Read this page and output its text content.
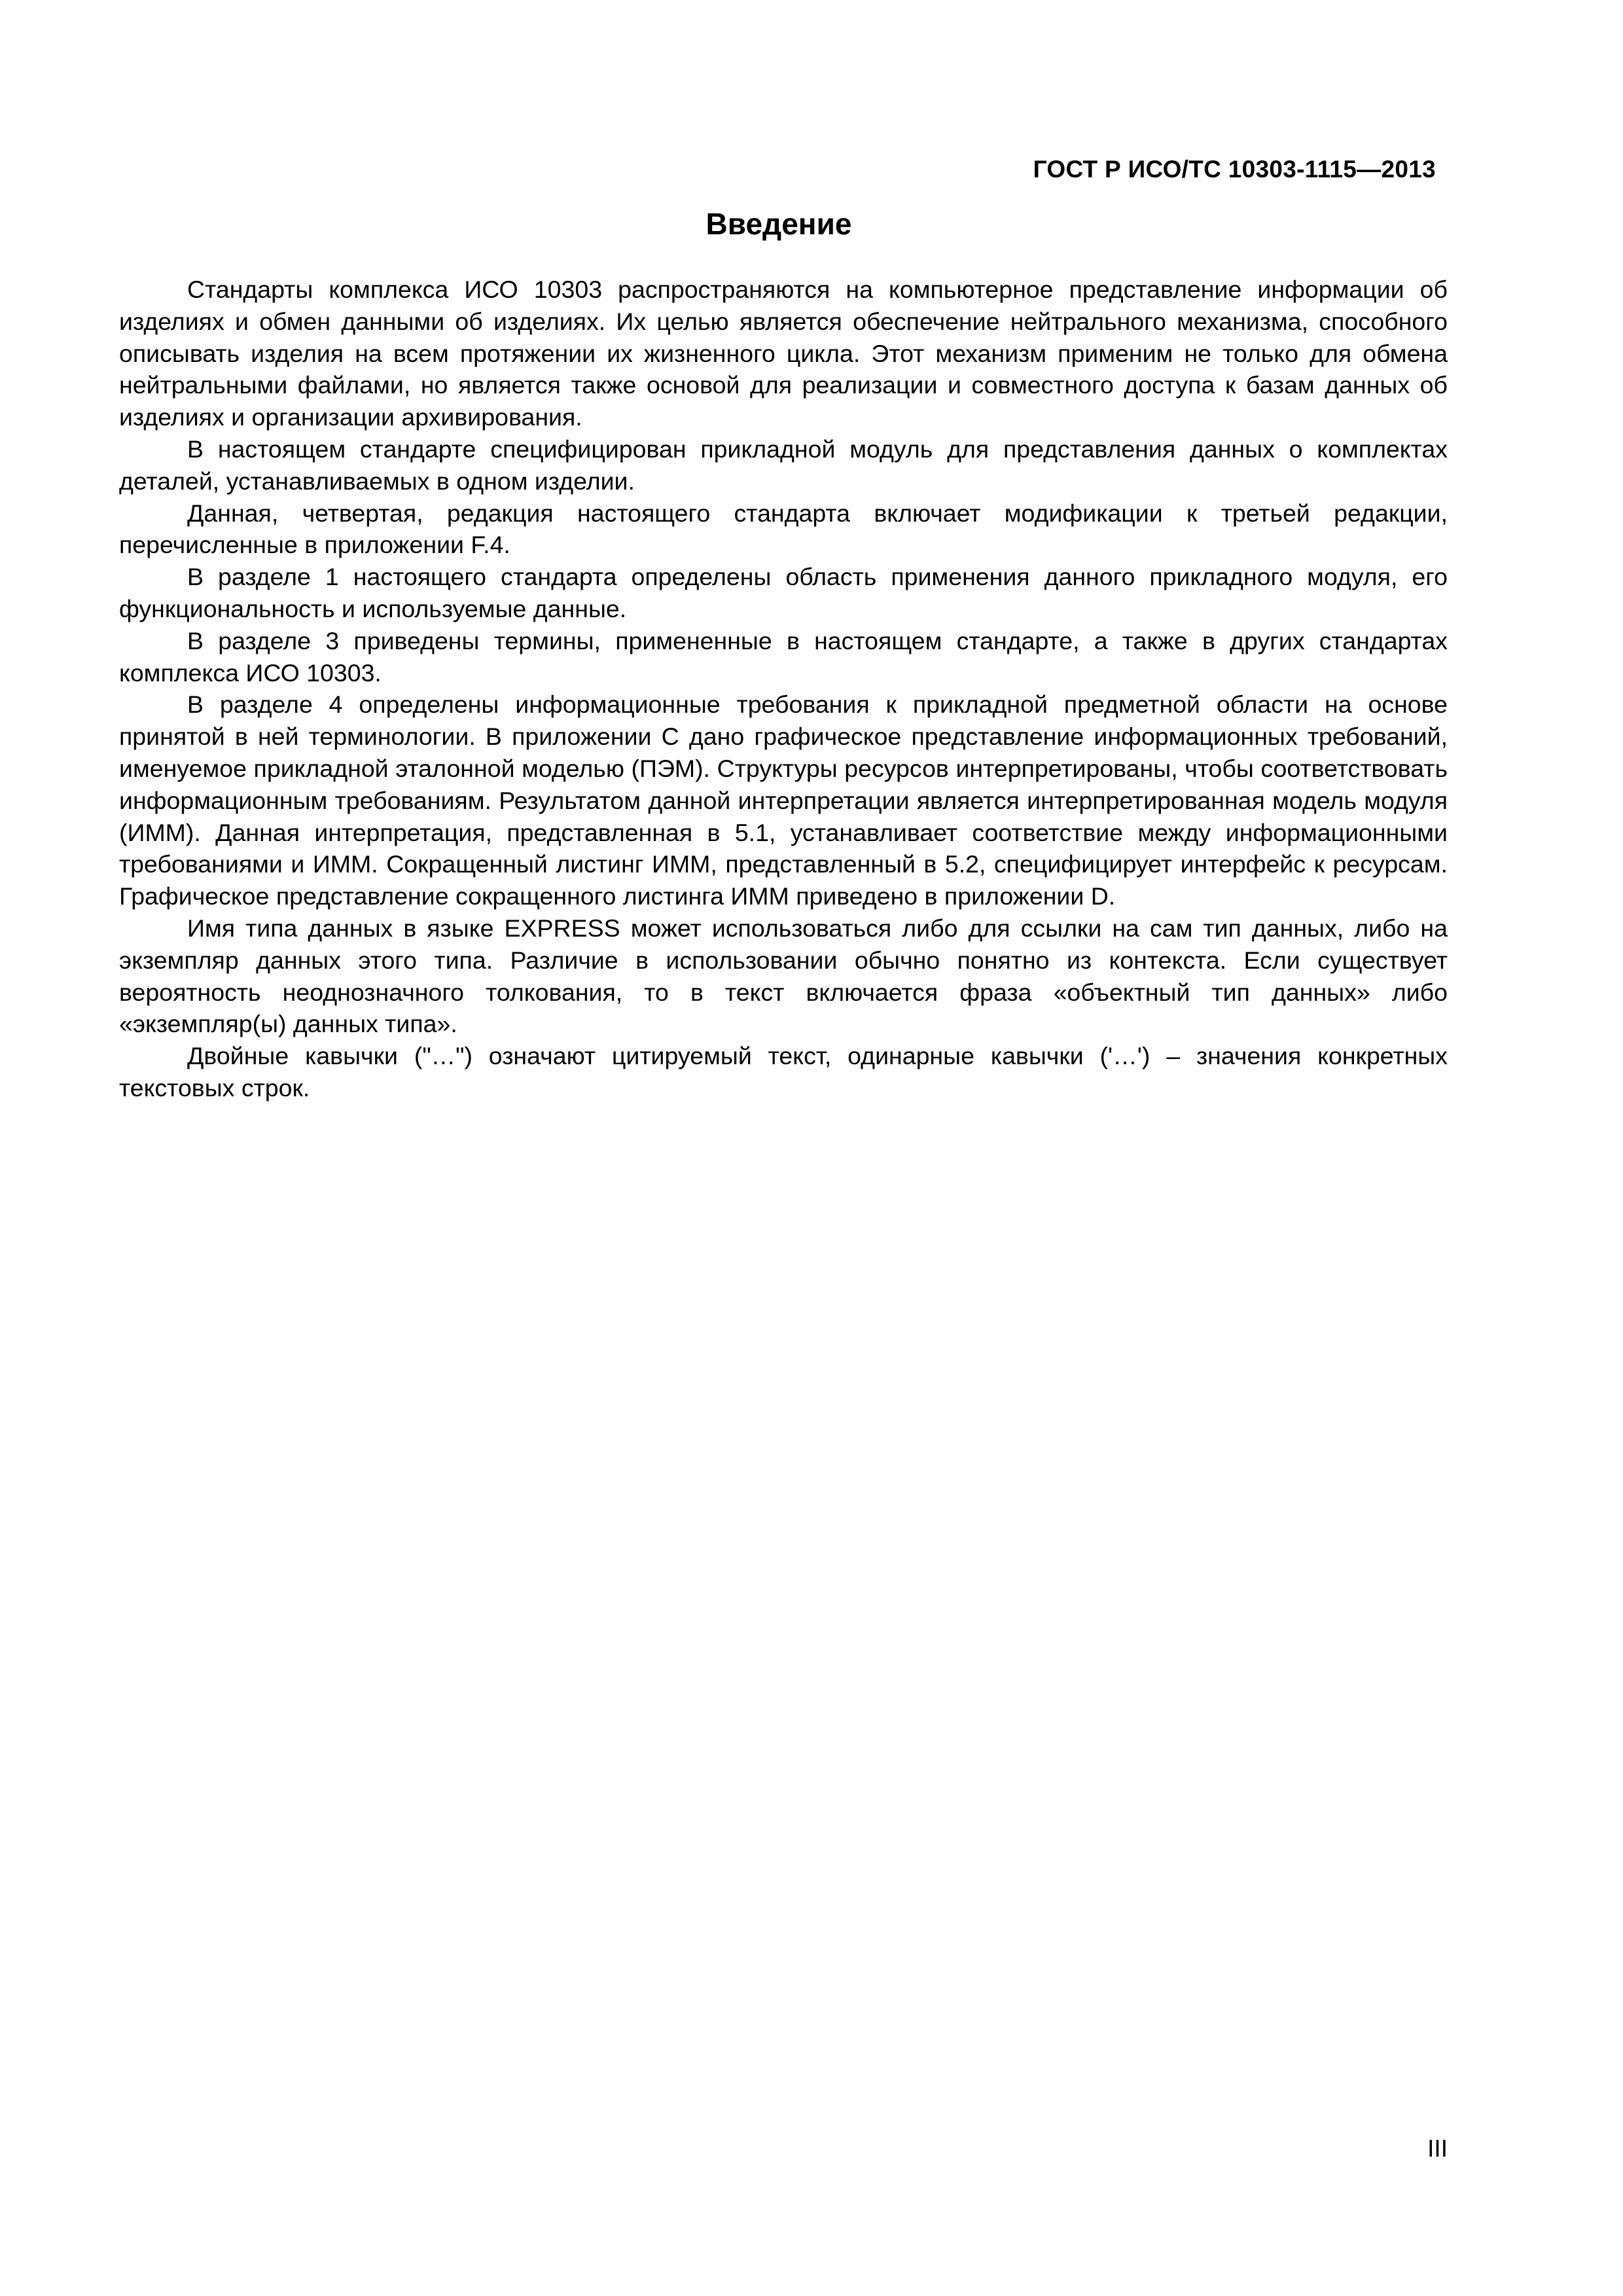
ГОСТ Р ИСО/ТС 10303-1115—2013
Введение

Стандарты комплекса ИСО 10303 распространяются на компьютерное представление информации об изделиях и обмен данными об изделиях. Их целью является обеспечение нейтрального механизма, способного описывать изделия на всем протяжении их жизненного цикла. Этот механизм применим не только для обмена нейтральными файлами, но является также основой для реализации и совместного доступа к базам данных об изделиях и организации архивирования.

В настоящем стандарте специфицирован прикладной модуль для представления данных о комплектах деталей, устанавливаемых в одном изделии.

Данная, четвертая, редакция настоящего стандарта включает модификации к третьей редакции, перечисленные в приложении F.4.

В разделе 1 настоящего стандарта определены область применения данного прикладного модуля, его функциональность и используемые данные.

В разделе 3 приведены термины, примененные в настоящем стандарте, а также в других стандартах комплекса ИСО 10303.

В разделе 4 определены информационные требования к прикладной предметной области на основе принятой в ней терминологии. В приложении С дано графическое представление информационных требований, именуемое прикладной эталонной моделью (ПЭМ). Структуры ресурсов интерпретированы, чтобы соответствовать информационным требованиям. Результатом данной интерпретации является интерпретированная модель модуля (ИММ). Данная интерпретация, представленная в 5.1, устанавливает соответствие между информационными требованиями и ИММ. Сокращенный листинг ИММ, представленный в 5.2, специфицирует интерфейс к ресурсам. Графическое представление сокращенного листинга ИММ приведено в приложении D.

Имя типа данных в языке EXPRESS может использоваться либо для ссылки на сам тип данных, либо на экземпляр данных этого типа. Различие в использовании обычно понятно из контекста. Если существует вероятность неоднозначного толкования, то в текст включается фраза «объектный тип данных» либо «экземпляр(ы) данных типа».

Двойные кавычки ("…") означают цитируемый текст, одинарные кавычки ('…') – значения конкретных текстовых строк.

III
